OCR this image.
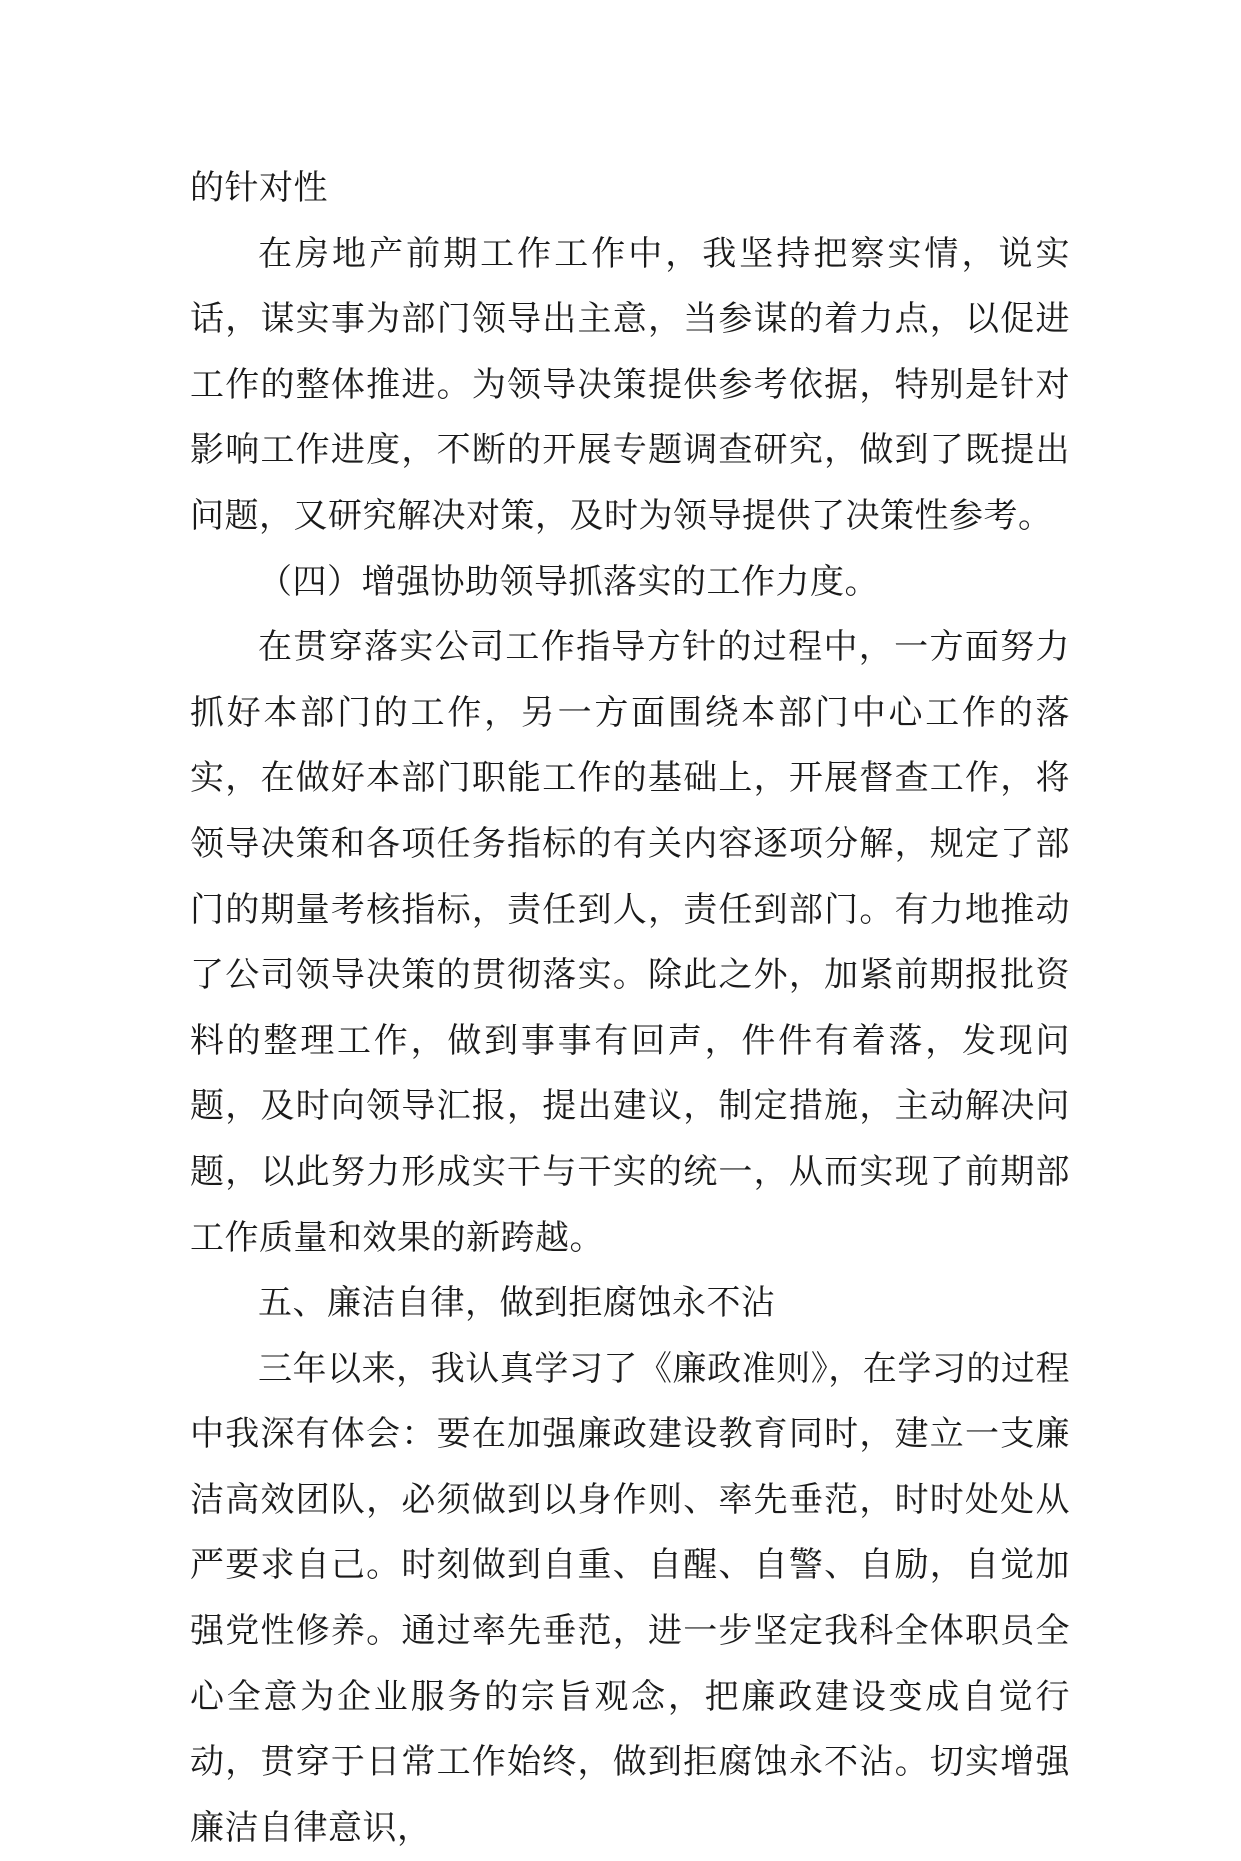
的针对性

在房地产前期工作工作中，我坚持把察实情，说实话，谋实事为部门领导出主意，当参谋的着力点，以促进工作的整体推进。为领导决策提供参考依据，特别是针对影响工作进度，不断的开展专题调查研究，做到了既提出问题，又研究解决对策，及时为领导提供了决策性参考。

（四）增强协助领导抓落实的工作力度。

在贯穿落实公司工作指导方针的过程中，一方面努力抓好本部门的工作，另一方面围绕本部门中心工作的落实，在做好本部门职能工作的基础上，开展督查工作，将领导决策和各项任务指标的有关内容逐项分解，规定了部门的期量考核指标，责任到人，责任到部门。有力地推动了公司领导决策的贯彻落实。除此之外，加紧前期报批资料的整理工作，做到事事有回声，件件有着落，发现问题，及时向领导汇报，提出建议，制定措施，主动解决问题，以此努力形成实干与干实的统一，从而实现了前期部工作质量和效果的新跨越。

五、廉洁自律，做到拒腐蚀永不沾

三年以来，我认真学习了《廉政准则》，在学习的过程中我深有体会：要在加强廉政建设教育同时，建立一支廉洁高效团队，必须做到以身作则、率先垂范，时时处处从严要求自己。时刻做到自重、自醒、自警、自励，自觉加强党性修养。通过率先垂范，进一步坚定我科全体职员全心全意为企业服务的宗旨观念，把廉政建设变成自觉行动，贯穿于日常工作始终，做到拒腐蚀永不沾。切实增强廉洁自律意识，
